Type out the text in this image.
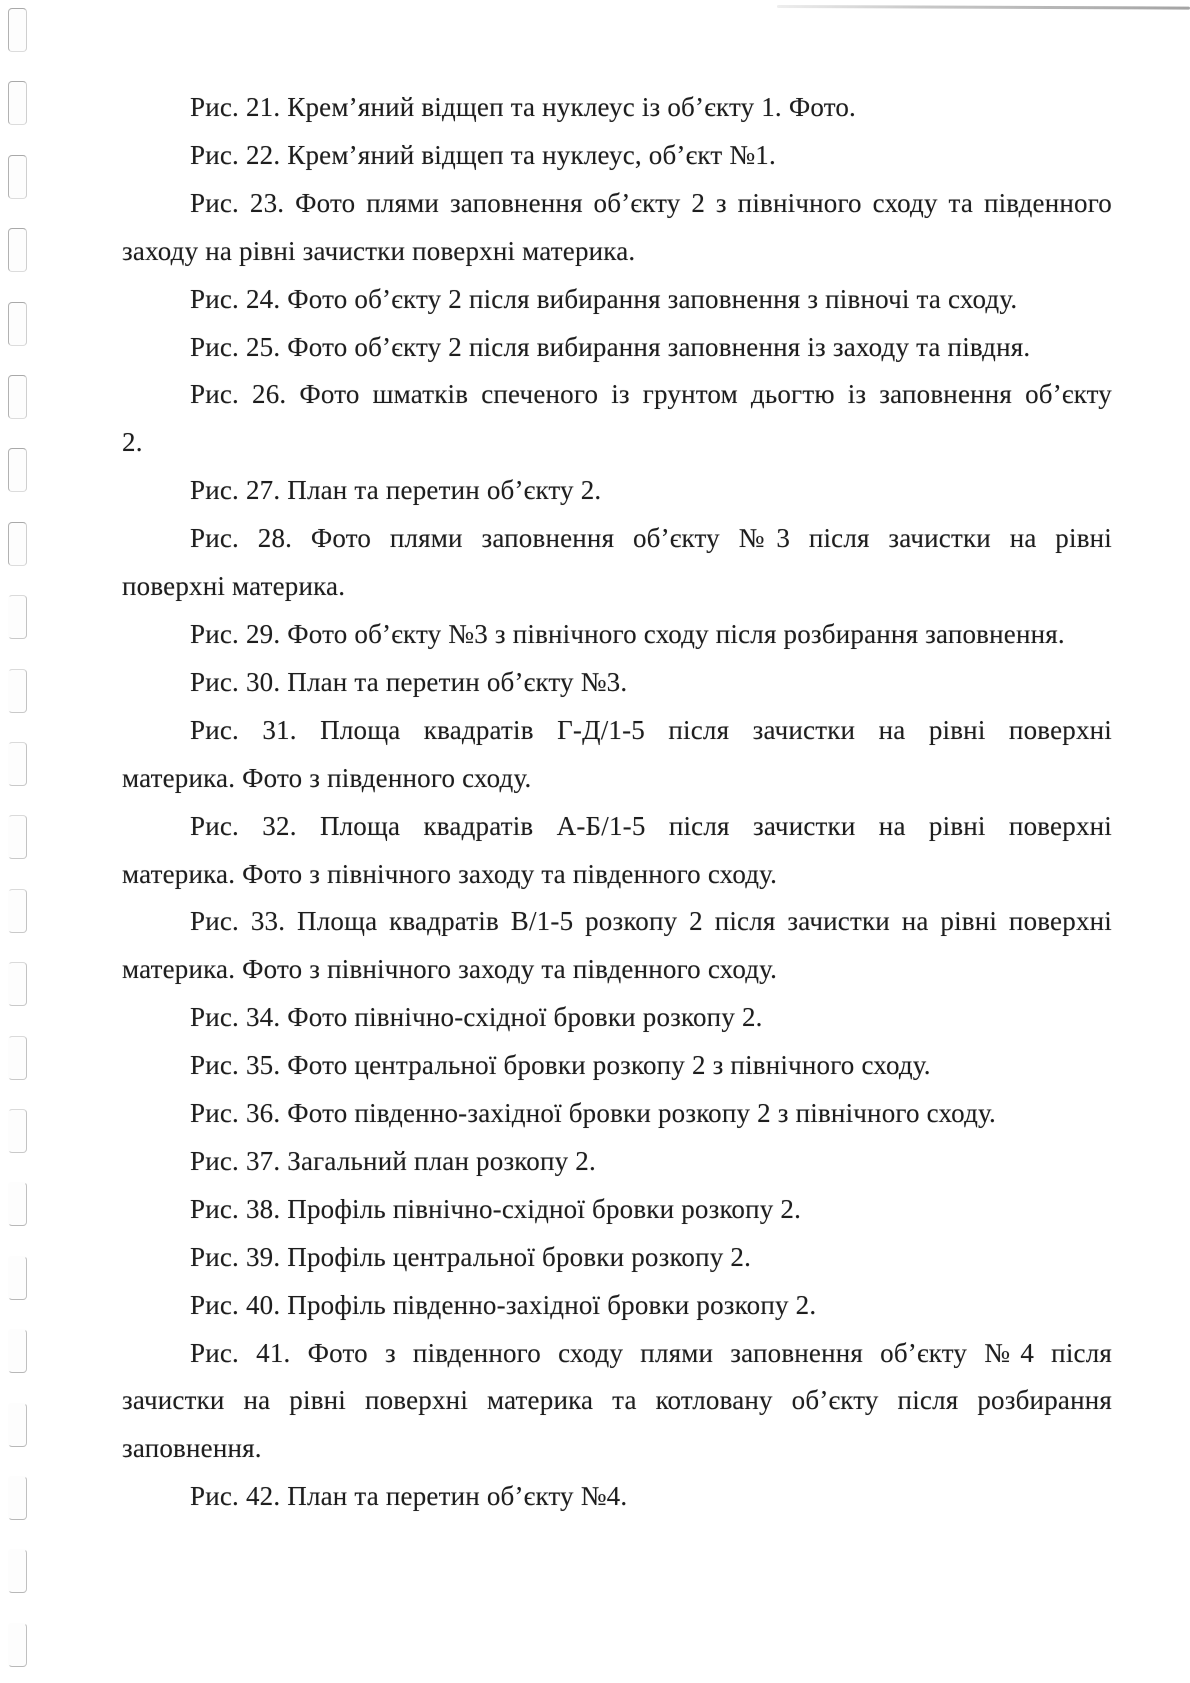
Рис. 21. Крем’яний відщеп та нуклеус із об’єкту 1. Фото.

Рис. 22. Крем’яний відщеп та нуклеус, об’єкт №1.

Рис. 23. Фото плями заповнення об’єкту 2 з північного сходу та південного
заходу на рівні зачистки поверхні материка.

Рис. 24. Фото об’єкту 2 після вибирання заповнення з півночі та сходу.

Рис. 25. Фото об’єкту 2 після вибирання заповнення із заходу та півдня.

Рис. 26. Фото шматків спеченого із грунтом дьогтю із заповнення об’єкту
2.

Рис. 27. План та перетин об’єкту 2.

Рис. 28. Фото плями заповнення об’єкту №3 після зачистки на рівні
поверхні материка.

Рис. 29. Фото об’єкту №3 з північного сходу після розбирання заповнення.

Рис. 30. План та перетин об’єкту №3.

Рис. 31. Площа квадратів Г-Д/1-5 після зачистки на рівні поверхні
материка. Фото з південного сходу.

Рис. 32. Площа квадратів А-Б/1-5 після зачистки на рівні поверхні
материка. Фото з північного заходу та південного сходу.

Рис. 33. Площа квадратів В/1-5 розкопу 2 після зачистки на рівні поверхні
материка. Фото з північного заходу та південного сходу.

Рис. 34. Фото північно-східної бровки розкопу 2.

Рис. 35. Фото центральної бровки розкопу 2 з північного сходу.

Рис. 36. Фото південно-західної бровки розкопу 2 з північного сходу.

Рис. 37. Загальний план розкопу 2.

Рис. 38. Профіль північно-східної бровки розкопу 2.

Рис. 39. Профіль центральної бровки розкопу 2.

Рис. 40. Профіль південно-західної бровки розкопу 2.

Рис. 41. Фото з південного сходу плями заповнення об’єкту №4 після
зачистки на рівні поверхні материка та котловану об’єкту після розбирання
заповнення.

Рис. 42. План та перетин об’єкту №4.
